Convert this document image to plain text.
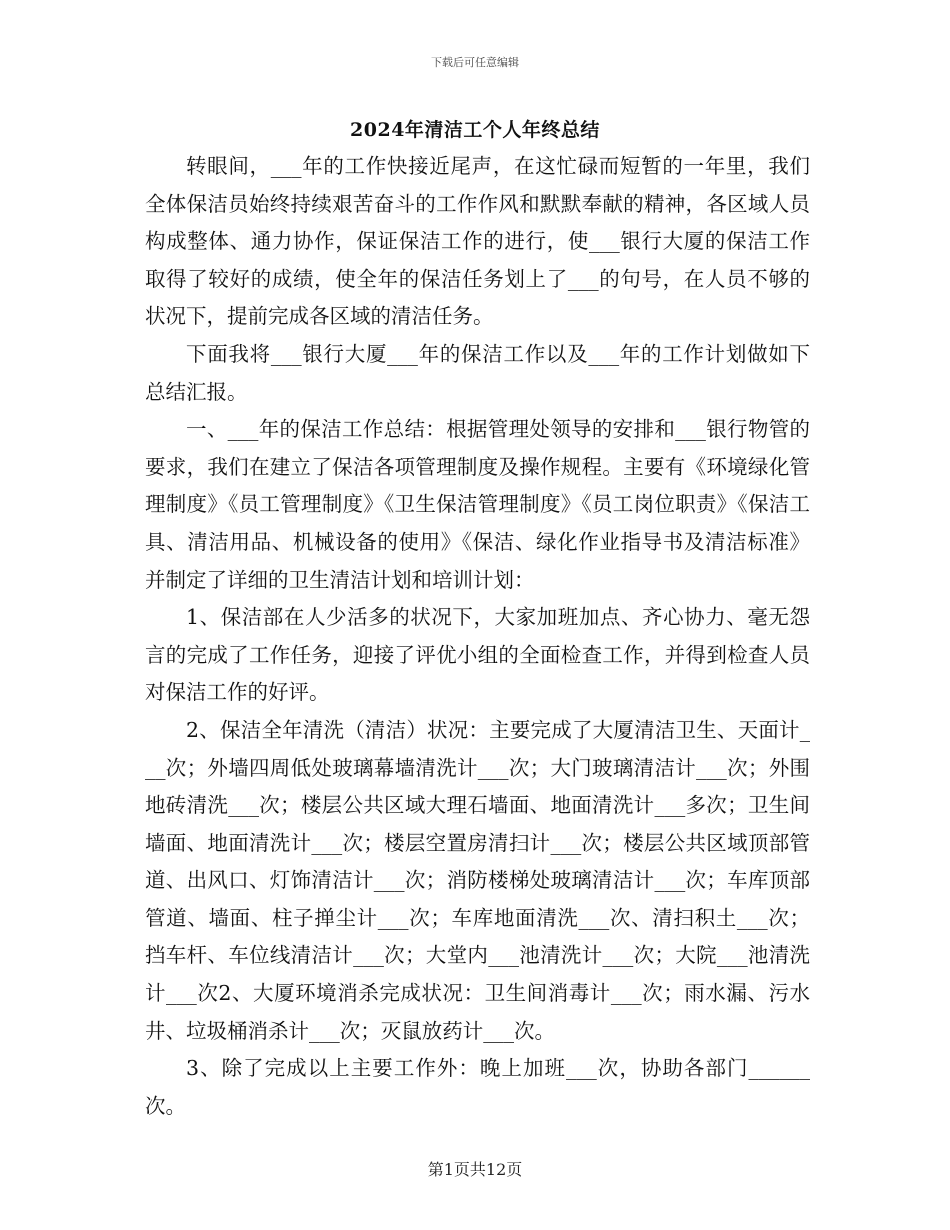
下载后可任意编辑
2024年清洁工个人年终总结

转眼间，___年的工作快接近尾声，在这忙碌而短暂的一年里，我们全体保洁员始终持续艰苦奋斗的工作作风和默默奉献的精神，各区域人员构成整体、通力协作，保证保洁工作的进行，使___银行大厦的保洁工作取得了较好的成绩，使全年的保洁任务划上了___的句号，在人员不够的状况下，提前完成各区域的清洁任务。

下面我将___银行大厦___年的保洁工作以及___年的工作计划做如下总结汇报。

一、___年的保洁工作总结：根据管理处领导的安排和___银行物管的要求，我们在建立了保洁各项管理制度及操作规程。主要有《环境绿化管理制度》《员工管理制度》《卫生保洁管理制度》《员工岗位职责》《保洁工具、清洁用品、机械设备的使用》《保洁、绿化作业指导书及清洁标准》并制定了详细的卫生清洁计划和培训计划：

1、保洁部在人少活多的状况下，大家加班加点、齐心协力、毫无怨言的完成了工作任务，迎接了评优小组的全面检查工作，并得到检查人员对保洁工作的好评。

2、保洁全年清洗（清洁）状况：主要完成了大厦清洁卫生、天面计___次；外墙四周低处玻璃幕墙清洗计___次；大门玻璃清洁计___次；外围地砖清洗___次；楼层公共区域大理石墙面、地面清洗计___多次；卫生间墙面、地面清洗计___次；楼层空置房清扫计___次；楼层公共区域顶部管道、出风口、灯饰清洁计___次；消防楼梯处玻璃清洁计___次；车库顶部管道、墙面、柱子掸尘计___次；车库地面清洗___次、清扫积土___次；挡车杆、车位线清洁计___次；大堂内___池清洗计___次；大院___池清洗计___次2、大厦环境消杀完成状况：卫生间消毒计___次；雨水漏、污水井、垃圾桶消杀计___次；灭鼠放药计___次。

3、除了完成以上主要工作外：晚上加班___次，协助各部门______次。

第1页共12页
